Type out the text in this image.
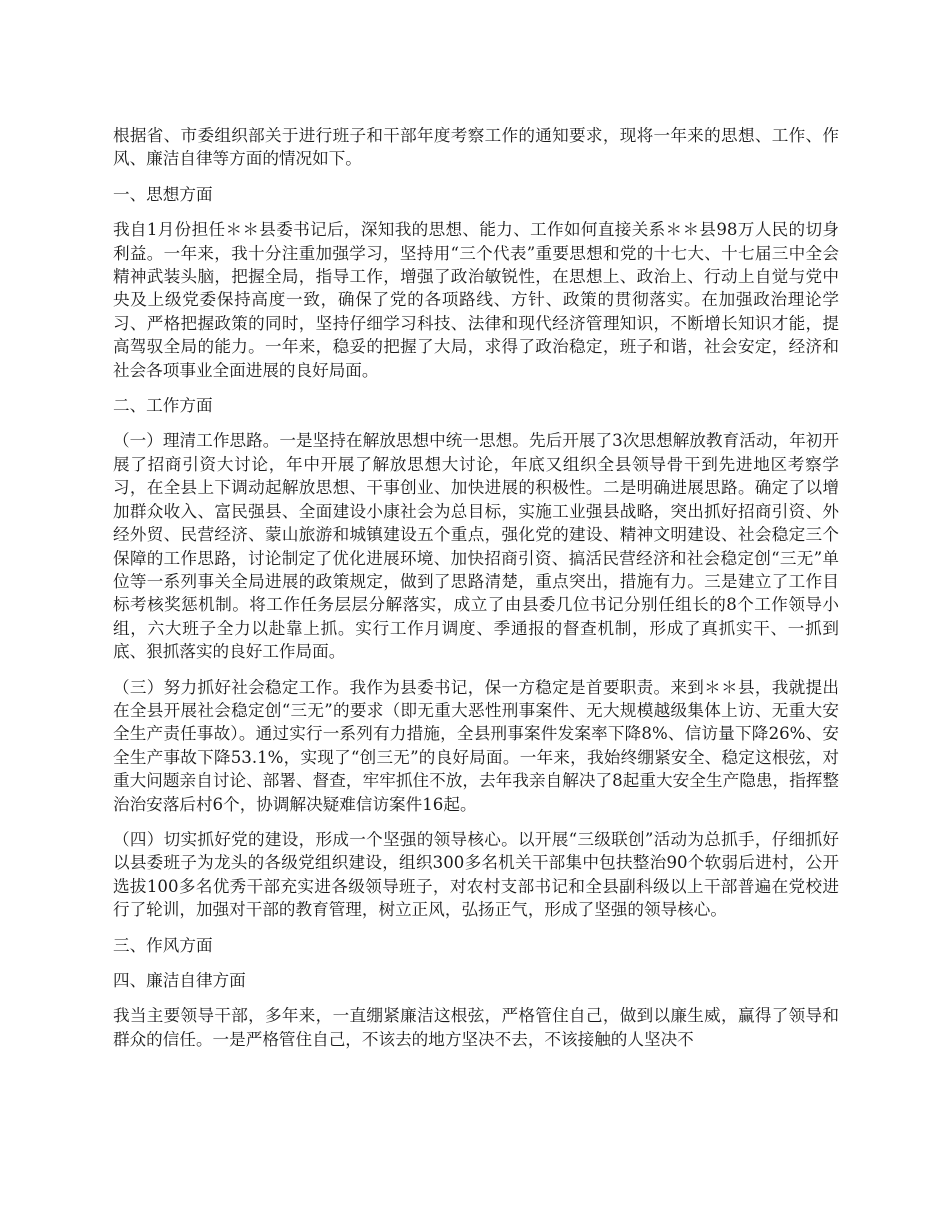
根据省、市委组织部关于进行班子和干部年度考察工作的通知要求，现将一年来的思想、工作、作风、廉洁自律等方面的情况如下。

一、思想方面

我自1月份担任＊＊县委书记后，深知我的思想、能力、工作如何直接关系＊＊县98万人民的切身利益。一年来，我十分注重加强学习，坚持用“三个代表”重要思想和党的十七大、十七届三中全会精神武装头脑，把握全局，指导工作，增强了政治敏锐性，在思想上、政治上、行动上自觉与党中央及上级党委保持高度一致，确保了党的各项路线、方针、政策的贯彻落实。在加强政治理论学习、严格把握政策的同时，坚持仔细学习科技、法律和现代经济管理知识，不断增长知识才能，提高驾驭全局的能力。一年来，稳妥的把握了大局，求得了政治稳定，班子和谐，社会安定，经济和社会各项事业全面进展的良好局面。

二、工作方面

（一）理清工作思路。一是坚持在解放思想中统一思想。先后开展了3次思想解放教育活动，年初开展了招商引资大讨论，年中开展了解放思想大讨论，年底又组织全县领导骨干到先进地区考察学习，在全县上下调动起解放思想、干事创业、加快进展的积极性。二是明确进展思路。确定了以增加群众收入、富民强县、全面建设小康社会为总目标，实施工业强县战略，突出抓好招商引资、外经外贸、民营经济、蒙山旅游和城镇建设五个重点，强化党的建设、精神文明建设、社会稳定三个保障的工作思路，讨论制定了优化进展环境、加快招商引资、搞活民营经济和社会稳定创“三无”单位等一系列事关全局进展的政策规定，做到了思路清楚，重点突出，措施有力。三是建立了工作目标考核奖惩机制。将工作任务层层分解落实，成立了由县委几位书记分别任组长的8个工作领导小组，六大班子全力以赴靠上抓。实行工作月调度、季通报的督查机制，形成了真抓实干、一抓到底、狠抓落实的良好工作局面。

（三）努力抓好社会稳定工作。我作为县委书记，保一方稳定是首要职责。来到＊＊县，我就提出在全县开展社会稳定创“三无”的要求（即无重大恶性刑事案件、无大规模越级集体上访、无重大安全生产责任事故）。通过实行一系列有力措施，全县刑事案件发案率下降8%、信访量下降26%、安全生产事故下降53.1%，实现了“创三无”的良好局面。一年来，我始终绷紧安全、稳定这根弦，对重大问题亲自讨论、部署、督查，牢牢抓住不放，去年我亲自解决了8起重大安全生产隐患，指挥整治治安落后村6个，协调解决疑难信访案件16起。

（四）切实抓好党的建设，形成一个坚强的领导核心。以开展“三级联创”活动为总抓手，仔细抓好以县委班子为龙头的各级党组织建设，组织300多名机关干部集中包扶整治90个软弱后进村，公开选拔100多名优秀干部充实进各级领导班子，对农村支部书记和全县副科级以上干部普遍在党校进行了轮训，加强对干部的教育管理，树立正风，弘扬正气，形成了坚强的领导核心。

三、作风方面

四、廉洁自律方面

我当主要领导干部，多年来，一直绷紧廉洁这根弦，严格管住自己，做到以廉生威，赢得了领导和群众的信任。一是严格管住自己，不该去的地方坚决不去，不该接触的人坚决不
